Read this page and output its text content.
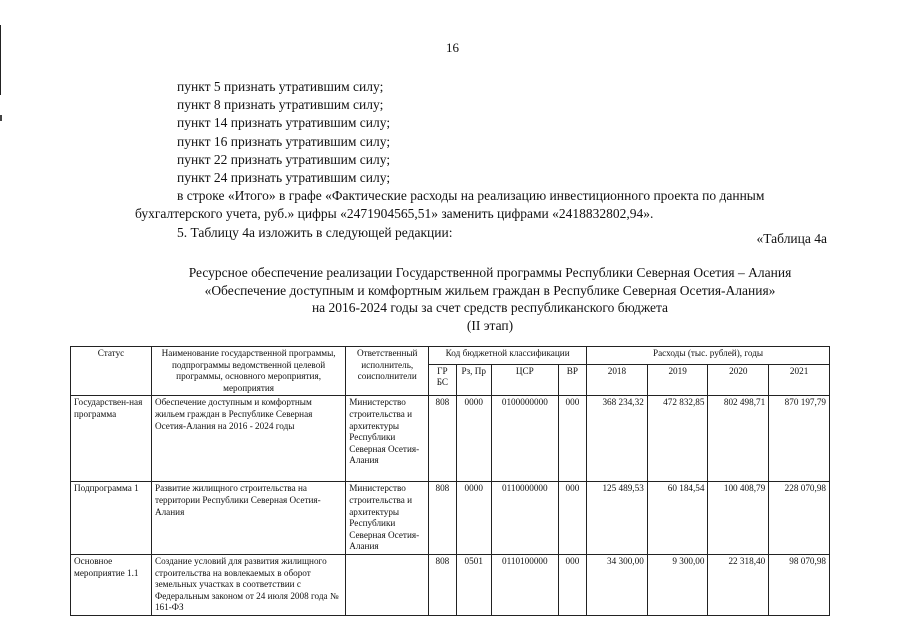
16
пункт 5 признать утратившим силу;
пункт 8 признать утратившим силу;
пункт 14 признать утратившим силу;
пункт 16 признать утратившим силу;
пункт 22 признать утратившим силу;
пункт 24 признать утратившим силу;
в строке «Итого» в графе «Фактические расходы на реализацию инвестиционного проекта по данным
бухгалтерского учета, руб.» цифры «2471904565,51» заменить цифрами «2418832802,94».
5. Таблицу 4а изложить в следующей редакции:	«Таблица 4а
Ресурсное обеспечение реализации Государственной программы Республики Северная Осетия – Алания
«Обеспечение доступным и комфортным жильем граждан в Республике Северная Осетия-Алания»
на 2016-2024 годы за счет средств республиканского бюджета
(II этап)
Статус	Наименование государственной программы, подпрограммы ведомственной целевой программы, основного мероприятия, мероприятия	Ответственный исполнитель, соисполнители	Код бюджетной классификации				Расходы (тыс. рублей), годы			
			ГР БС	Рз, Пр	ЦСР	ВР	2018	2019	2020	2021
Государствен-ная программа	Обеспечение доступным и комфортным жильем граждан в Республике Северная Осетия-Алания на 2016 - 2024 годы	Министерство строительства и архитектуры Республики Северная Осетия-Алания	808	0000	0100000000	000	368 234,32	472 832,85	802 498,71	870 197,79
Подпрограмма 1	Развитие жилищного строительства на территории Республики Северная Осетия-Алания	Министерство строительства и архитектуры Республики Северная Осетия-Алания	808	0000	0110000000	000	125 489,53	60 184,54	100 408,79	228 070,98
Основное мероприятие 1.1	Создание условий для развития жилищного строительства на вовлекаемых в оборот земельных участках в соответствии с Федеральным законом от 24 июля 2008 года № 161-ФЗ		808	0501	0110100000	000	34 300,00	9 300,00	22 318,40	98 070,98
